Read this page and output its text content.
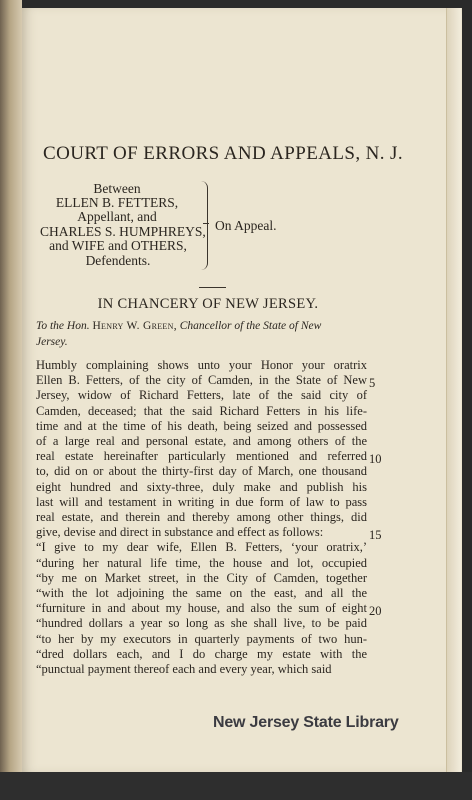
COURT OF ERRORS AND APPEALS, N. J.
Between
ELLEN B. FETTERS,
Appellant, and
CHARLES S. HUMPHREYS,
and WIFE and OTHERS,
Defendents.
On Appeal.
IN CHANCERY OF NEW JERSEY.
To the Hon. Henry W. Green, Chancellor of the State of New
Jersey.
Humbly complaining shows unto your Honor your oratrix
Ellen B. Fetters, of the city of Camden, in the State of New
Jersey, widow of Richard Fetters, late of the said city of
Camden, deceased; that the said Richard Fetters in his life-
time and at the time of his death, being seized and possessed
of a large real and personal estate, and among others of the
real estate hereinafter particularly mentioned and referred
to, did on or about the thirty-first day of March, one thousand
eight hundred and sixty-three, duly make and publish his
last will and testament in writing in due form of law to pass
real estate, and therein and thereby among other things, did
give, devise and direct in substance and effect as follows:
“I give to my dear wife, Ellen B. Fetters, ‘your oratrix,’
“during her natural life time, the house and lot, occupied
“by me on Market street, in the City of Camden, together
“with the lot adjoining the same on the east, and all the
“furniture in and about my house, and also the sum of eight
“hundred dollars a year so long as she shall live, to be paid
“to her by my executors in quarterly payments of two hun-
“dred dollars each, and I do charge my estate with the
“punctual payment thereof each and every year, which said
5
10
15
20
New Jersey State Library
